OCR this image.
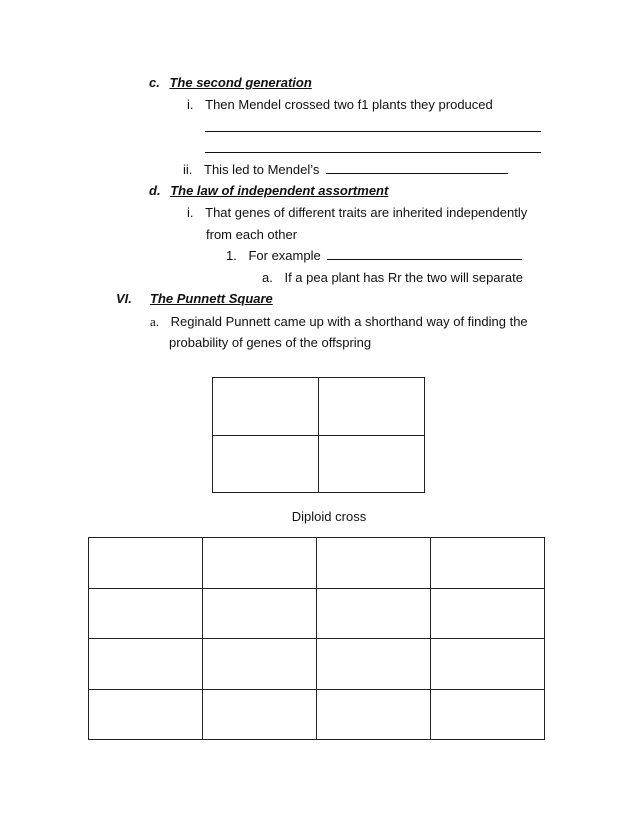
c. The second generation
i. Then Mendel crossed two f1 plants they produced
ii. This led to Mendel’s
d. The law of independent assortment
i. That genes of different traits are inherited independently
from each other
1. For example
a. If a pea plant has Rr the two will separate
VI. The Punnett Square
a. Reginald Punnett came up with a shorthand way of finding the
probability of genes of the offspring

Diploid cross
